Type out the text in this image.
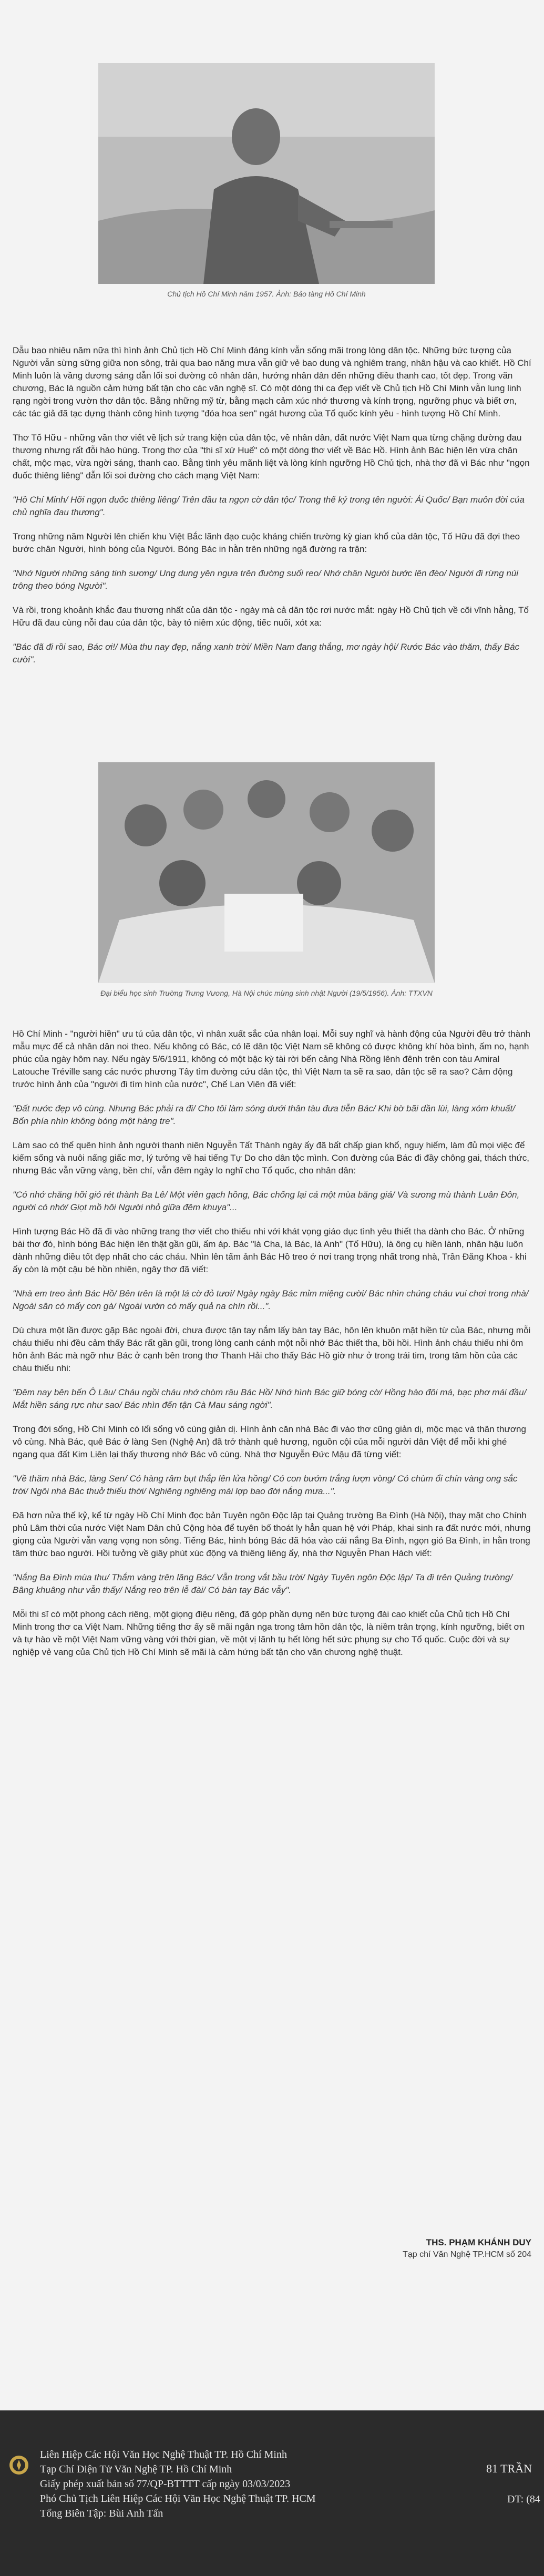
Chủ tịch Hồ Chí Minh năm 1957. Ảnh: Bảo tàng Hồ Chí Minh

Dẫu bao nhiêu năm nữa thì hình ảnh Chủ tịch Hồ Chí Minh đáng kính vẫn sống mãi trong lòng dân tộc. Những bức tượng của Người vẫn sừng sững giữa non sông, trải qua bao năng mưa vẫn giữ vẻ bao dung và nghiêm trang, nhân hậu và cao khiết. Hồ Chí Minh luôn là vầng dương sáng dẫn lối soi đường cô nhân dân, hướng nhân dân đến những điều thanh cao, tốt đẹp. Trong văn chương, Bác là nguồn cảm hứng bất tận cho các văn nghệ sĩ. Có một dòng thi ca đẹp viết về Chủ tịch Hồ Chí Minh vẫn lung linh rạng ngời trong vườn thơ dân tộc. Bằng những mỹ từ, bằng mạch cảm xúc nhớ thương và kính trọng, ngưỡng phục và biết ơn, các tác giả đã tạc dựng thành công hình tượng "đóa hoa sen" ngát hương của Tổ quốc kính yêu - hình tượng Hồ Chí Minh.

Thơ Tố Hữu - những vần thơ viết về lịch sử trang kiện của dân tộc, về nhân dân, đất nước Việt Nam qua từng chặng đường đau thương nhưng rất đỗi hào hùng. Trong thơ của "thi sĩ xứ Huế" có một dòng thơ viết về Bác Hồ. Hình ảnh Bác hiện lên vừa chân chất, mộc mạc, vừa ngời sáng, thanh cao. Bằng tình yêu mãnh liệt và lòng kính ngưỡng Hồ Chủ tịch, nhà thơ đã vì Bác như "ngọn đuốc thiêng liêng" dẫn lối soi đường cho cách mạng Việt Nam:

"Hồ Chí Minh/ Hỡi ngọn đuốc thiêng liêng/ Trên đầu ta ngọn cờ dân tộc/ Trong thế kỷ trong tên người: Ái Quốc/ Bạn muôn đời của chủ nghĩa đau thương".

Trong những năm Người lên chiến khu Việt Bắc lãnh đạo cuộc kháng chiến trường kỳ gian khổ của dân tộc, Tố Hữu đã đợi theo bước chân Người, hình bóng của Người. Bóng Bác in hằn trên những ngã đường ra trận:

"Nhớ Người những sáng tinh sương/ Ung dung yên ngựa trên đường suối reo/ Nhớ chân Người bước lên đèo/ Người đi rừng núi trông theo bóng Người".

Và rồi, trong khoảnh khắc đau thương nhất của dân tộc - ngày mà cả dân tộc rơi nước mắt: ngày Hồ Chủ tịch về cõi vĩnh hằng, Tố Hữu đã đau cùng nỗi đau của dân tộc, bày tỏ niềm xúc động, tiếc nuối, xót xa:

"Bác đã đi rồi sao, Bác ơi!/ Mùa thu nay đẹp, nắng xanh trời/ Miền Nam đang thắng, mơ ngày hội/ Rước Bác vào thăm, thấy Bác cười".

Đại biểu học sinh Trường Trưng Vương, Hà Nội chúc mừng sinh nhật Người (19/5/1956). Ảnh: TTXVN

Hồ Chí Minh - "người hiền" ưu tú của dân tộc, vì nhân xuất sắc của nhân loại. Mỗi suy nghĩ và hành động của Người đều trở thành mẫu mực để cả nhân dân noi theo. Nếu không có Bác, có lẽ dân tộc Việt Nam sẽ không có được không khí hòa bình, ấm no, hạnh phúc của ngày hôm nay. Nếu ngày 5/6/1911, không có một bậc kỳ tài rời bến cảng Nhà Rồng lênh đênh trên con tàu Amiral Latouche Tréville sang các nước phương Tây tìm đường cứu dân tộc, thì Việt Nam ta sẽ ra sao, dân tộc sẽ ra sao? Cảm động trước hình ảnh của "người đi tìm hình của nước", Chế Lan Viên đã viết:

"Đất nước đẹp vô cùng. Nhưng Bác phải ra đi/ Cho tôi làm sóng dưới thân tàu đưa tiễn Bác/ Khi bờ bãi dần lùi, làng xóm khuất/ Bốn phía nhìn không bóng một hàng tre".

Làm sao có thể quên hình ảnh người thanh niên Nguyễn Tất Thành ngày ấy đã bất chấp gian khổ, nguy hiểm, làm đủ mọi việc để kiếm sống và nuôi nấng giấc mơ, lý tưởng về hai tiếng Tự Do cho dân tộc mình. Con đường của Bác đi đầy chông gai, thách thức, nhưng Bác vẫn vững vàng, bền chí, vẫn đêm ngày lo nghĩ cho Tổ quốc, cho nhân dân:

"Có nhớ chăng hỡi gió rét thành Ba Lê/ Một viên gạch hồng, Bác chống lại cả một mùa băng giá/ Và sương mù thành Luân Đôn, người có nhớ/ Giọt mồ hôi Người nhỏ giữa đêm khuya"...

Hình tượng Bác Hồ đã đi vào những trang thơ viết cho thiếu nhi với khát vọng giáo dục tình yêu thiết tha dành cho Bác. Ở những bài thơ đó, hình bóng Bác hiện lên thật gần gũi, ấm áp. Bác "là Cha, là Bác, là Anh" (Tố Hữu), là ông cụ hiền lành, nhân hậu luôn dành những điều tốt đẹp nhất cho các cháu. Nhìn lên tấm ảnh Bác Hồ treo ở nơi trang trọng nhất trong nhà, Trần Đăng Khoa - khi ấy còn là một cậu bé hồn nhiên, ngây thơ đã viết:

"Nhà em treo ảnh Bác Hồ/ Bên trên là một lá cờ đỏ tươi/ Ngày ngày Bác mỉm miệng cười/ Bác nhìn chúng cháu vui chơi trong nhà/ Ngoài sân có mấy con gà/ Ngoài vườn có mấy quả na chín rồi...".

Dù chưa một lần được gặp Bác ngoài đời, chưa được tận tay nắm lấy bàn tay Bác, hôn lên khuôn mặt hiền từ của Bác, nhưng mỗi cháu thiếu nhi đều cảm thấy Bác rất gần gũi, trong lòng canh cánh một nỗi nhớ Bác thiết tha, bồi hồi. Hình ảnh cháu thiếu nhi ôm hôn ảnh Bác mà ngỡ như Bác ở cạnh bên trong thơ Thanh Hải cho thấy Bác Hồ giờ như ở trong trái tim, trong tâm hồn của các cháu thiếu nhi:

"Đêm nay bên bến Ô Lâu/ Cháu ngồi cháu nhớ chòm râu Bác Hồ/ Nhớ hình Bác giữ bóng cờ/ Hồng hào đôi má, bạc phơ mái đầu/ Mắt hiền sáng rực như sao/ Bác nhìn đến tận Cà Mau sáng ngời".

Trong đời sống, Hồ Chí Minh có lối sống vô cùng giản dị. Hình ảnh căn nhà Bác đi vào thơ cũng giản dị, mộc mạc và thân thương vô cùng. Nhà Bác, quê Bác ở làng Sen (Nghệ An) đã trở thành quê hương, nguồn cội của mỗi người dân Việt để mỗi khi ghé ngang qua đất Kim Liên lại thấy thương nhớ Bác vô cùng. Nhà thơ Nguyễn Đức Mậu đã từng viết:

"Về thăm nhà Bác, làng Sen/ Có hàng râm bụt thắp lên lửa hồng/ Có con bướm trắng lượn vòng/ Có chùm ổi chín vàng ong sắc trời/ Ngôi nhà Bác thuở thiếu thời/ Nghiêng nghiêng mái lợp bao đời nắng mưa...".

Đã hơn nửa thế kỷ, kể từ ngày Hồ Chí Minh đọc bản Tuyên ngôn Độc lập tại Quảng trường Ba Đình (Hà Nội), thay mặt cho Chính phủ Lâm thời của nước Việt Nam Dân chủ Cộng hòa để tuyên bố thoát ly hẳn quan hệ với Pháp, khai sinh ra đất nước mới, nhưng giọng của Người vẫn vang vọng non sông. Tiếng Bác, hình bóng Bác đã hóa vào cái nắng Ba Đình, ngọn gió Ba Đình, in hằn trong tâm thức bao người. Hồi tưởng về giây phút xúc động và thiêng liêng ấy, nhà thơ Nguyễn Phan Hách viết:

"Nắng Ba Đình mùa thu/ Thắm vàng trên lăng Bác/ Vẫn trong vắt bầu trời/ Ngày Tuyên ngôn Độc lập/ Ta đi trên Quảng trường/ Bâng khuâng như vẫn thấy/ Nắng reo trên lễ đài/ Có bàn tay Bác vẫy".

Mỗi thi sĩ có một phong cách riêng, một giọng điệu riêng, đã góp phần dựng nên bức tượng đài cao khiết của Chủ tịch Hồ Chí Minh trong thơ ca Việt Nam. Những tiếng thơ ấy sẽ mãi ngân nga trong tâm hồn dân tộc, là niềm trân trọng, kính ngưỡng, biết ơn và tự hào về một Việt Nam vững vàng với thời gian, về một vị lãnh tụ hết lòng hết sức phụng sự cho Tổ quốc. Cuộc đời và sự nghiệp vẻ vang của Chủ tịch Hồ Chí Minh sẽ mãi là cảm hứng bất tận cho văn chương nghệ thuật.

THS. PHẠM KHÁNH DUY
Tạp chí Văn Nghệ TP.HCM số 204
Liên Hiệp Các Hội Văn Học Nghệ Thuật TP. Hồ Chí Minh
Tạp Chí Điện Tử Văn Nghệ TP. Hồ Chí Minh
Giấy phép xuất bản số 77/QP-BTTTT cấp ngày 03/03/2023
Phó Chủ Tịch Liên Hiệp Các Hội Văn Học Nghệ Thuật TP. HCM
Tổng Biên Tập: Bùi Anh Tấn
81 TRẦN
ĐT: (84
